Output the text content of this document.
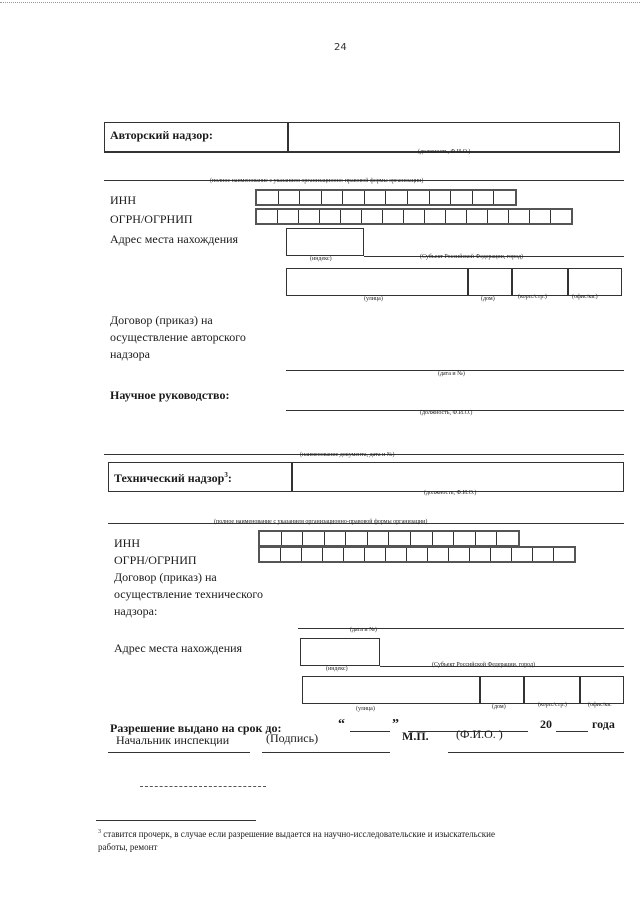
24
Авторский надзор:
(должность, Ф.И.О.)
(полное наименование с указанием организационно-правовой формы организации)
ИНН
ОГРН/ОГРНИП
Адрес места нахождения
(индекс)	(Субъект Российской Федерации, город)
(улица)	(дом)	(корп./стр.)	(офис/кв.)
Договор (приказ) на
осуществление авторского
надзора
(дата и №)
Научное руководство:
(должность, Ф.И.О.)
(наименование документа, дата и №)
Технический надзор$^3$:
(должность, Ф.И.О.)
(полное наименование с указанием организационно-правовой формы организации)
ИНН
ОГРН/ОГРНИП
Договор (приказ) на
осуществление технического
надзора:
(дата и №)
Адрес места нахождения
(индекс)
(Субъект Российской Федерации, город)
(улица)	(дом)	(корп./стр.)	(офис/кв.
Разрешение выдано на срок до:	“	”	20	года
Начальник инспекции	(Подпись)	М.П. (Ф.И.О. )
$^3$ ставится прочерк, в случае если разрешение выдается на научно-исследовательские и изыскательские
работы, ремонт
